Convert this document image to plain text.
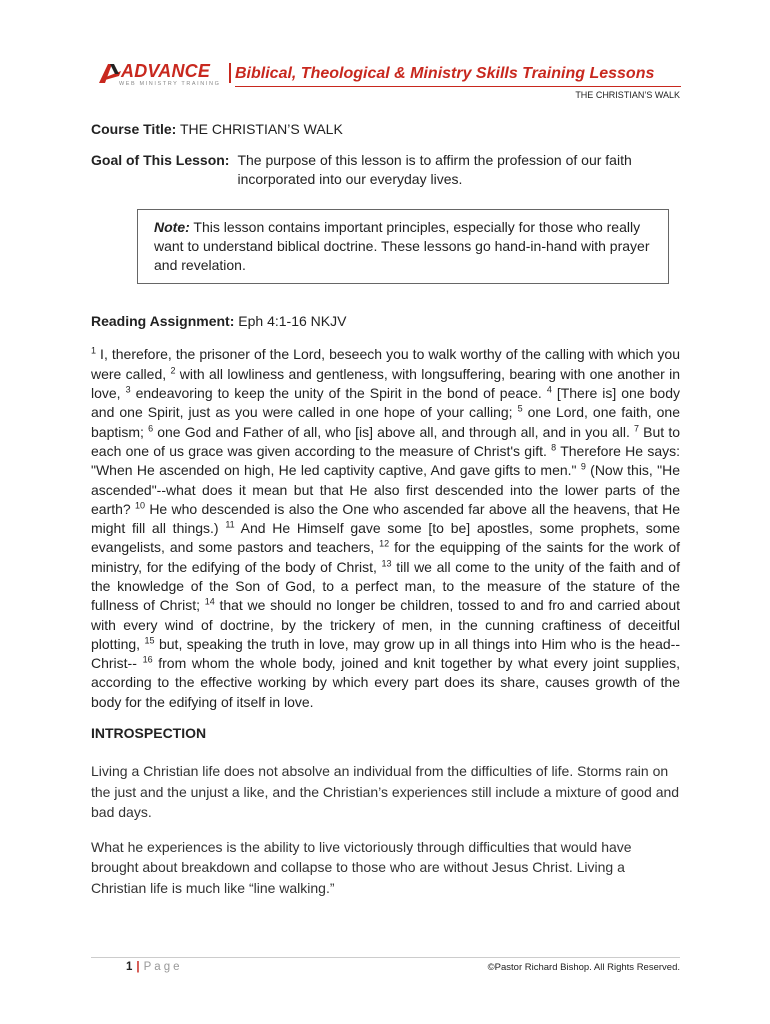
ADVANCE
WEB MINISTRY TRAINING
Biblical, Theological & Ministry Skills Training Lessons
THE CHRISTIAN’S WALK
Course Title: THE CHRISTIAN’S WALK
Goal of This Lesson: The purpose of this lesson is to affirm the profession of our faith incorporated into our everyday lives.
Note: This lesson contains important principles, especially for those who really want to understand biblical doctrine. These lessons go hand-in-hand with prayer and revelation.
Reading Assignment: Eph 4:1-16 NKJV
$^1$ I, therefore, the prisoner of the Lord, beseech you to walk worthy of the calling with which you were called, $^2$ with all lowliness and gentleness, with longsuffering, bearing with one another in love, $^3$ endeavoring to keep the unity of the Spirit in the bond of peace. $^4$ [There is] one body and one Spirit, just as you were called in one hope of your calling; $^5$ one Lord, one faith, one baptism; $^6$ one God and Father of all, who [is] above all, and through all, and in you all. $^7$ But to each one of us grace was given according to the measure of Christ's gift. $^8$ Therefore He says: "When He ascended on high, He led captivity captive, And gave gifts to men." $^9$ (Now this, "He ascended"--what does it mean but that He also first descended into the lower parts of the earth? $^{10}$ He who descended is also the One who ascended far above all the heavens, that He might fill all things.) $^{11}$ And He Himself gave some [to be] apostles, some prophets, some evangelists, and some pastors and teachers, $^{12}$ for the equipping of the saints for the work of ministry, for the edifying of the body of Christ, $^{13}$ till we all come to the unity of the faith and of the knowledge of the Son of God, to a perfect man, to the measure of the stature of the fullness of Christ; $^{14}$ that we should no longer be children, tossed to and fro and carried about with every wind of doctrine, by the trickery of men, in the cunning craftiness of deceitful plotting, $^{15}$ but, speaking the truth in love, may grow up in all things into Him who is the head--Christ-- $^{16}$ from whom the whole body, joined and knit together by what every joint supplies, according to the effective working by which every part does its share, causes growth of the body for the edifying of itself in love.
INTROSPECTION
Living a Christian life does not absolve an individual from the difficulties of life. Storms rain on the just and the unjust a like, and the Christian’s experiences still include a mixture of good and bad days.
What he experiences is the ability to live victoriously through difficulties that would have brought about breakdown and collapse to those who are without Jesus Christ. Living a Christian life is much like “line walking.”
1 | Page	©Pastor Richard Bishop. All Rights Reserved.
